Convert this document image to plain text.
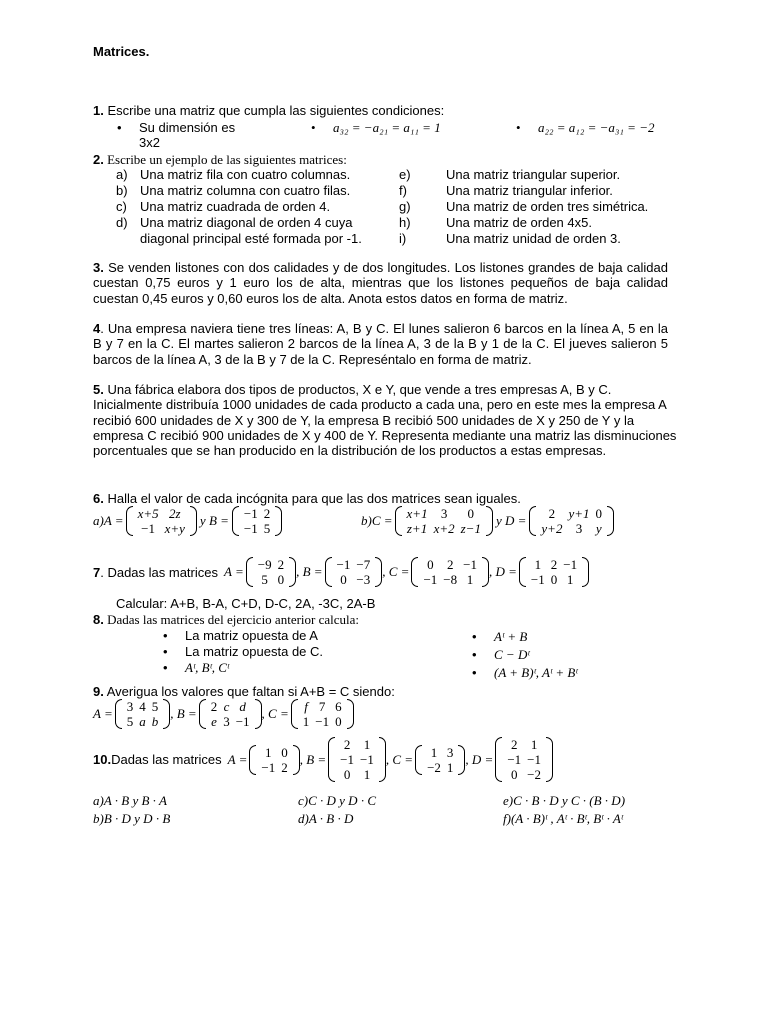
Matrices.
1. Escribe una matriz que cumpla las siguientes condiciones:
Su dimensión es
3x2
a₃₂ = −a₂₁ = a₁₁ = 1	a₂₂ = a₁₂ = −a₃₁ = −2
2. Escribe un ejemplo de las siguientes matrices:
a) Una matriz fila con cuatro columnas.
b) Una matriz columna con cuatro filas.
c) Una matriz cuadrada de orden 4.
d) Una matriz diagonal de orden 4 cuya
diagonal principal esté formada por -1.
e)	Una matriz triangular superior.
f)	Una matriz triangular inferior.
g)	Una matriz de orden tres simétrica.
h)	Una matriz de orden 4x5.
i)	Una matriz unidad de orden 3.
3. Se venden listones con dos calidades y de dos longitudes. Los listones grandes de baja calidad cuestan 0,75 euros y 1 euro los de alta, mientras que los listones pequeños de baja calidad cuestan 0,45 euros y 0,60 euros los de alta. Anota estos datos en forma de matriz.
4. Una empresa naviera tiene tres líneas: A, B y C. El lunes salieron 6 barcos en la línea A, 5 en la B y 7 en la C. El martes salieron 2 barcos de la línea A, 3 de la B y 1 de la C. El jueves salieron 5 barcos de la línea A, 3 de la B y 7 de la C. Represéntalo en forma de matriz.
5. Una fábrica elabora dos tipos de productos, X e Y, que vende a tres empresas A, B y C. Inicialmente distribuía 1000 unidades de cada producto a cada una, pero en este mes la empresa A recibió 600 unidades de X y 300 de Y, la empresa B recibió 500 unidades de X y 250 de Y y la empresa C recibió 900 unidades de X y 400 de Y. Representa mediante una matriz las disminuciones porcentuales que se han producido en la distribución de los productos a estas empresas.
6. Halla el valor de cada incógnita para que las dos matrices sean iguales.
a)A = x+5	2z
−1	x+y
y B = −1	2
−1	5
b)C = x+1	3	0
z+1	x+2	z−1
y D = 2	y+1	0
y+2	3	y
7 . Dadas las matrices A = −9	2
5	0
, B = −1	−7
0	−3
, C = 0	2	−1
−1	−8	1
, D = 1	2	−1
−1	0	1
Calcular: A+B, B-A, C+D, D-C, 2A, -3C, 2A-B
8. Dadas las matrices del ejercicio anterior calcula:
La matriz opuesta de A
La matriz opuesta de C.
Aᵗ, Bᵗ, Cᵗ
Aᵗ + B
C − Dᵗ
(A + B)ᵗ, Aᵗ + Bᵗ
9. Averigua los valores que faltan si A+B = C siendo:
A = 3	4	5
5	a	b
, B = 2	c	d
e	3	−1
, C = f	7	6
1	−1	0
10. Dadas las matrices A = 1	0
−1	2
, B =
2	1
−1	−1
0	1
, C = 1	3
−2	1
, D =
2	1
−1	−1
0	−2
a)A · B y B · A
b)B · D y D · B
c)C · D y D · C
d)A · B · D
e)C · B · D y C · (B · D)
f)(A · B)ᵗ , Aᵗ · Bᵗ, Bᵗ · Aᵗ
